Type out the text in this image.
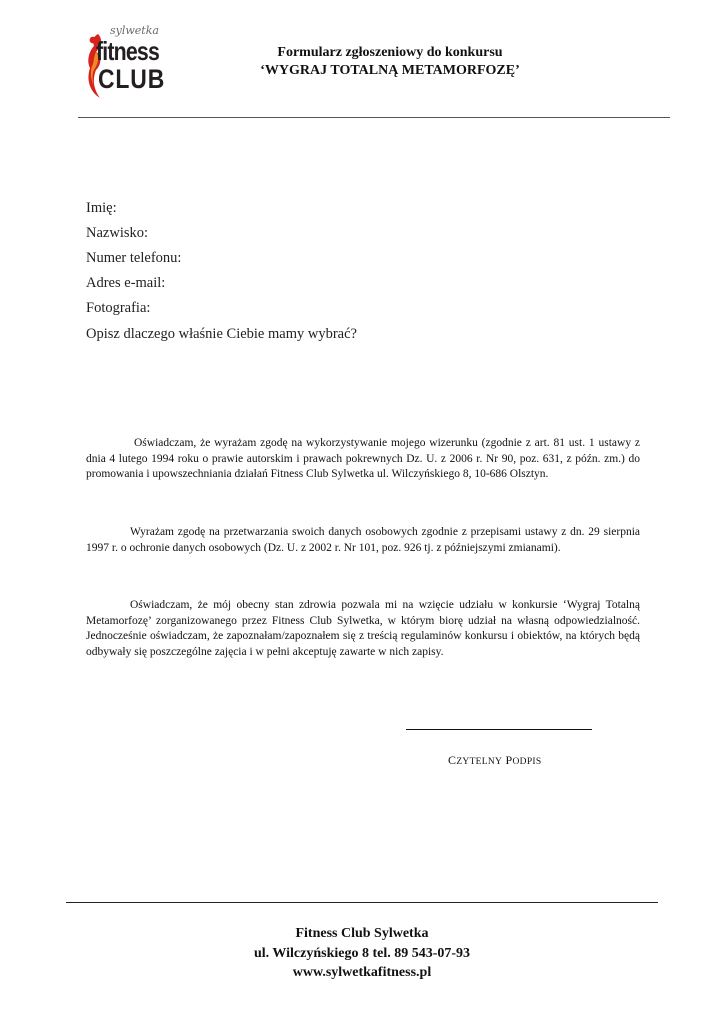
sylwetka
fitness
CLUB
Formularz zgłoszeniowy do konkursu
‘WYGRAJ TOTALNĄ METAMORFOZĘ’
Imię:
Nazwisko:
Numer telefonu:
Adres e-mail:
Fotografia:
Opisz dlaczego właśnie Ciebie mamy wybrać?
Oświadczam, że wyrażam zgodę na wykorzystywanie mojego wizerunku (zgodnie z art. 81 ust. 1 ustawy z dnia 4 lutego 1994 roku o prawie autorskim i prawach pokrewnych Dz. U. z 2006 r. Nr 90, poz. 631, z późn. zm.) do promowania i upowszechniania działań Fitness Club Sylwetka ul. Wilczyńskiego 8, 10-686 Olsztyn.
Wyrażam zgodę na przetwarzania swoich danych osobowych zgodnie z przepisami ustawy z dn. 29 sierpnia 1997 r. o ochronie danych osobowych (Dz. U. z 2002 r. Nr 101, poz. 926 tj. z późniejszymi zmianami).
Oświadczam, że mój obecny stan zdrowia pozwala mi na wzięcie udziału w konkursie ‘Wygraj Totalną Metamorfozę’ zorganizowanego przez Fitness Club Sylwetka, w którym biorę udział na własną odpowiedzialność. Jednocześnie oświadczam, że zapoznałam/zapoznałem się z treścią regulaminów konkursu i obiektów, na których będą odbywały się poszczególne zajęcia i w pełni akceptuję zawarte w nich zapisy.
CZYTELNY PODPIS
Fitness Club Sylwetka
ul. Wilczyńskiego 8 tel. 89 543-07-93
www.sylwetkafitness.pl
